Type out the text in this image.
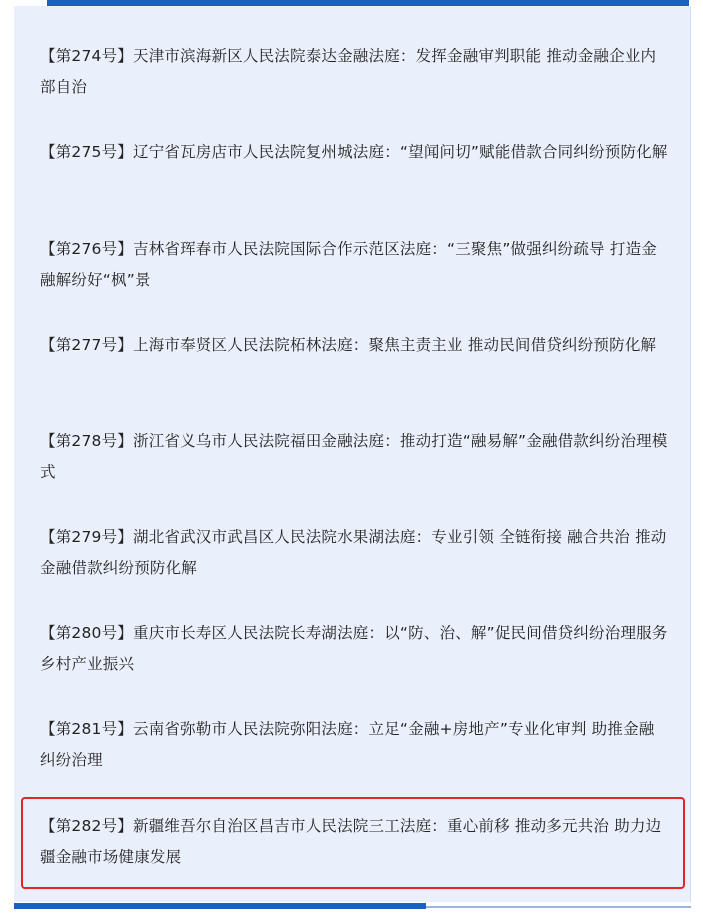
【第274号】天津市滨海新区人民法院泰达金融法庭：发挥金融审判职能 推动金融企业内部自治
【第275号】辽宁省瓦房店市人民法院复州城法庭：“望闻问切”赋能借款合同纠纷预防化解
【第276号】吉林省珲春市人民法院国际合作示范区法庭：“三聚焦”做强纠纷疏导 打造金融解纷好“枫”景
【第277号】上海市奉贤区人民法院柘林法庭：聚焦主责主业 推动民间借贷纠纷预防化解
【第278号】浙江省义乌市人民法院福田金融法庭：推动打造“融易解”金融借款纠纷治理模式
【第279号】湖北省武汉市武昌区人民法院水果湖法庭：专业引领 全链衔接 融合共治 推动金融借款纠纷预防化解
【第280号】重庆市长寿区人民法院长寿湖法庭：以“防、治、解”促民间借贷纠纷治理服务乡村产业振兴
【第281号】云南省弥勒市人民法院弥阳法庭：立足“金融+房地产”专业化审判 助推金融纠纷治理
【第282号】新疆维吾尔自治区昌吉市人民法院三工法庭：重心前移 推动多元共治 助力边疆金融市场健康发展
